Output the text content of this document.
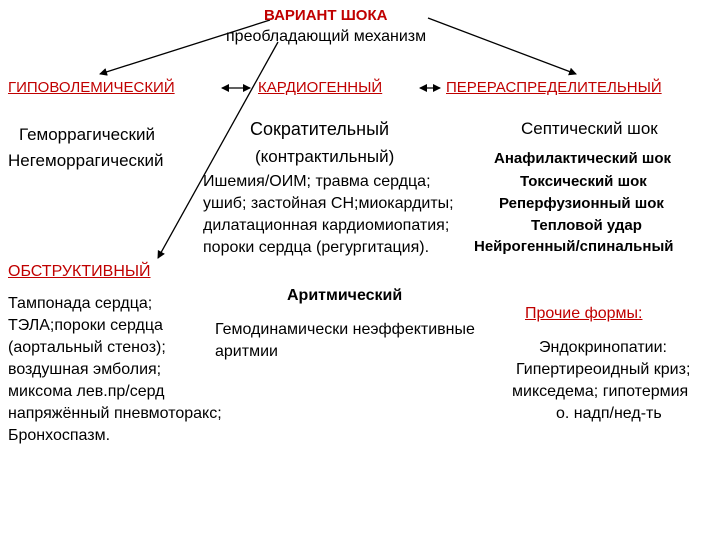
ВАРИАНТ ШОКА
преобладающий механизм
ГИПОВОЛЕМИЧЕСКИЙ	КАРДИОГЕННЫЙ	ПЕРЕРАСПРЕДЕЛИТЕЛЬНЫЙ
Геморрагический
Негеморрагический
Сократительный
(контрактильный)
Ишемия/ОИМ; травма сердца;
ушиб; застойная СН;миокардиты;
дилатационная кардиомиопатия;
пороки сердца (регургитация).
Септический шок
Анафилактический шок
Токсический шок
Реперфузионный шок
Тепловой удар
Нейрогенный/спинальный
ОБСТРУКТИВНЫЙ
Тампонада сердца;
ТЭЛА;пороки сердца
(аортальный стеноз);
воздушная эмболия;
миксома лев.пр/серд
напряжённый пневмоторакс;
Бронхоспазм.
Аритмический
Гемодинамически неэффективные
аритмии
Прочие формы:
Эндокринопатии:
Гипертиреоидный криз;
микседема; гипотермия
о. надп/нед-ть
